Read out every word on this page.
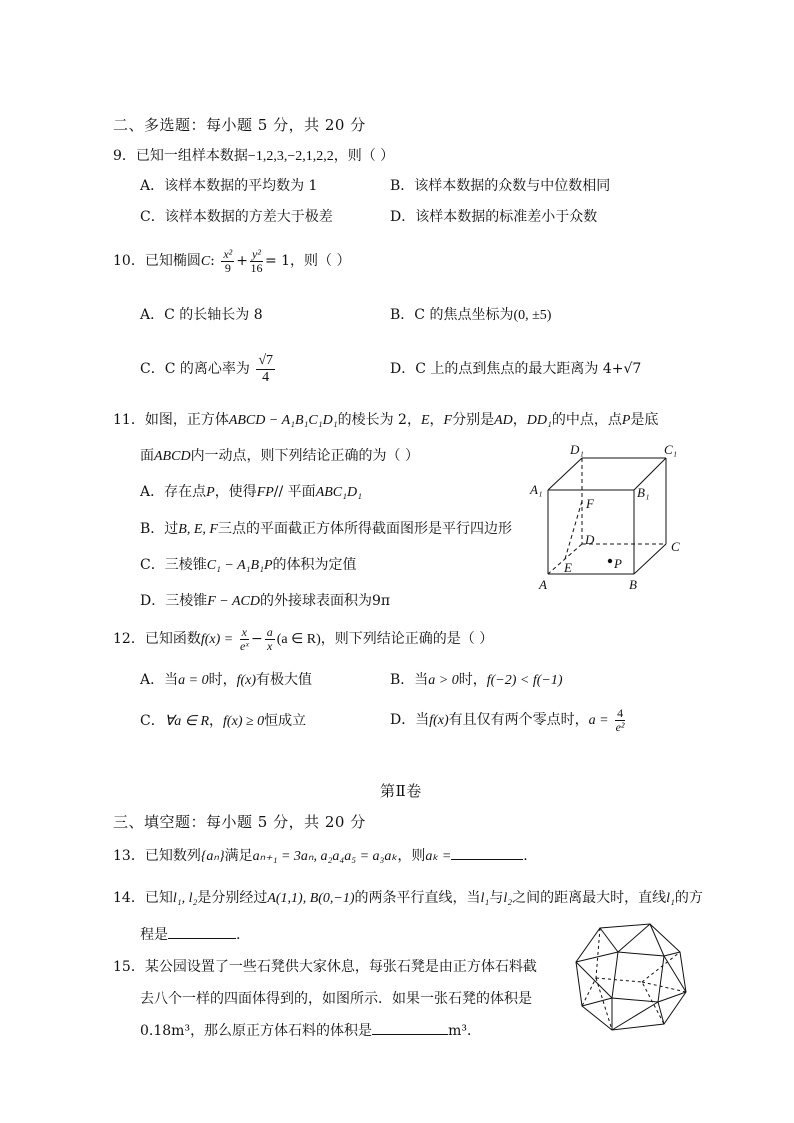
二、多选题：每小题 5 分，共 20 分
9．已知一组样本数据−1,2,3,−2,1,2,2，则（ ）
A．该样本数据的平均数为 1	B．该样本数据的众数与中位数相同
C．该样本数据的方差大于极差	D．该样本数据的标准差小于众数
10．已知椭圆C: $\frac{\text{x²}}{9} + \frac{\text{y²}}{16} = 1$，则（ ）
A．C 的长轴长为 8	B．C 的焦点坐标为(0, ±5)
C．C 的离心率为 $\frac{√7}{4}$	D．C 上的点到焦点的最大距离为 4+√7
11．如图，正方体ABCD − A₁B₁C₁D₁的棱长为 2，E，F分别是AD，DD₁的中点，点P是底
面ABCD内一动点，则下列结论正确的为（ ）
A．存在点P，使得FP// 平面ABC₁D₁
B．过B, E, F三点的平面截正方体所得截面图形是平行四边形
C．三棱锥C₁ − A₁B₁P的体积为定值
D．三棱锥F − ACD的外接球表面积为9π
D₁	C₁
A₁	B₁
F
D	C
E	P
A	B
12．已知函数$f(x) = \frac{x}{\text{eˣ}} - \frac{a}{x} (a$ ∈ R)，则下列结论正确的是（ ）
A．当a = 0时，f(x)有极大值	B．当a > 0时，f(−2) < f(−1)
C．∀a ∈ R，f(x) ≥ 0恒成立	D．当f(x)有且仅有两个零点时，$a = \frac{4}{\text{e²}}$
第Ⅱ卷
三、填空题：每小题 5 分，共 20 分
13．已知数列{aₙ}满足aₙ₊₁ = 3aₙ, a₂a₄a₅ = a₃aₖ，则aₖ =	.
14．已知l₁, l₂是分别经过A(1,1), B(0,−1)的两条平行直线，当l₁与l₂之间的距离最大时，直线l₁的方
程是	.
15．某公园设置了一些石凳供大家休息，每张石凳是由正方体石料截
去八个一样的四面体得到的，如图所示．如果一张石凳的体积是
0.18m³，那么原正方体石料的体积是	m³．
